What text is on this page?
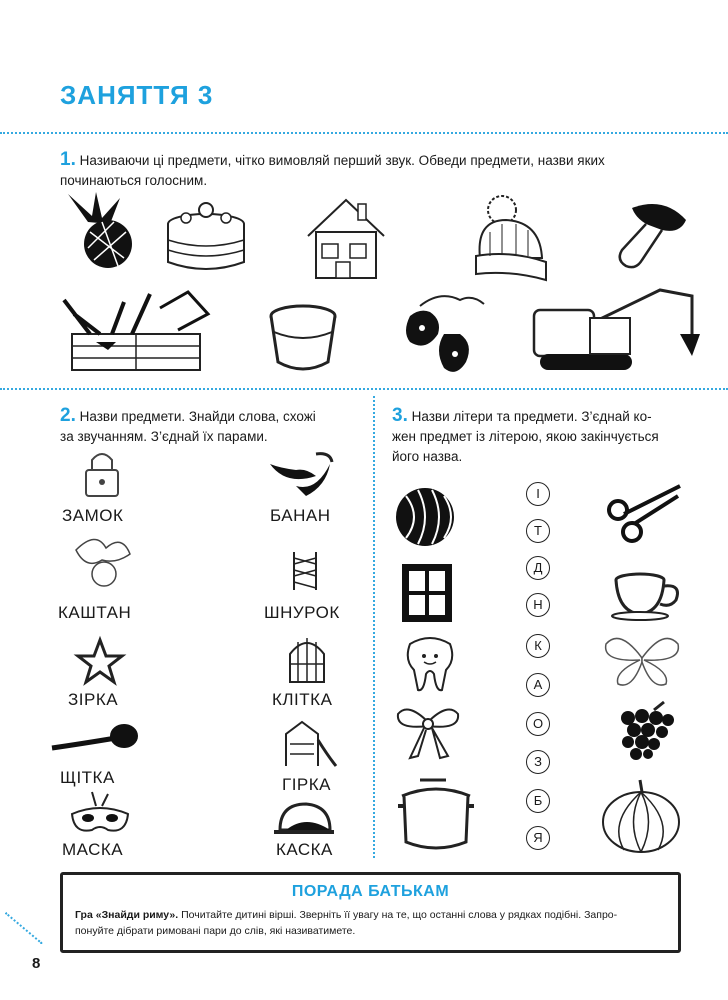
ЗАНЯТТЯ 3
1. Називаючи ці предмети, чітко вимовляй перший звук. Обведи предмети, назви яких
починаються голосним.
2. Назви предмети. Знайди слова, схожі
за звучанням. З’єднай їх парами.
ЗАМОК
КАШТАН
ЗІРКА
ЩІТКА
МАСКА
БАНАН
ШНУРОК
КЛІТКА
ГІРКА
КАСКА
3. Назви літери та предмети. З’єднай ко-
жен предмет із літерою, якою закінчується
його назва.
І
Т
Д
Н
К
А
О
З
Б
Я
ПОРАДА БАТЬКАМ
Гра «Знайди риму». Почитайте дитині вірші. Зверніть її увагу на те, що останні слова у рядках подібні. Запро-
понуйте дібрати римовані пари до слів, які називатимете.
8
